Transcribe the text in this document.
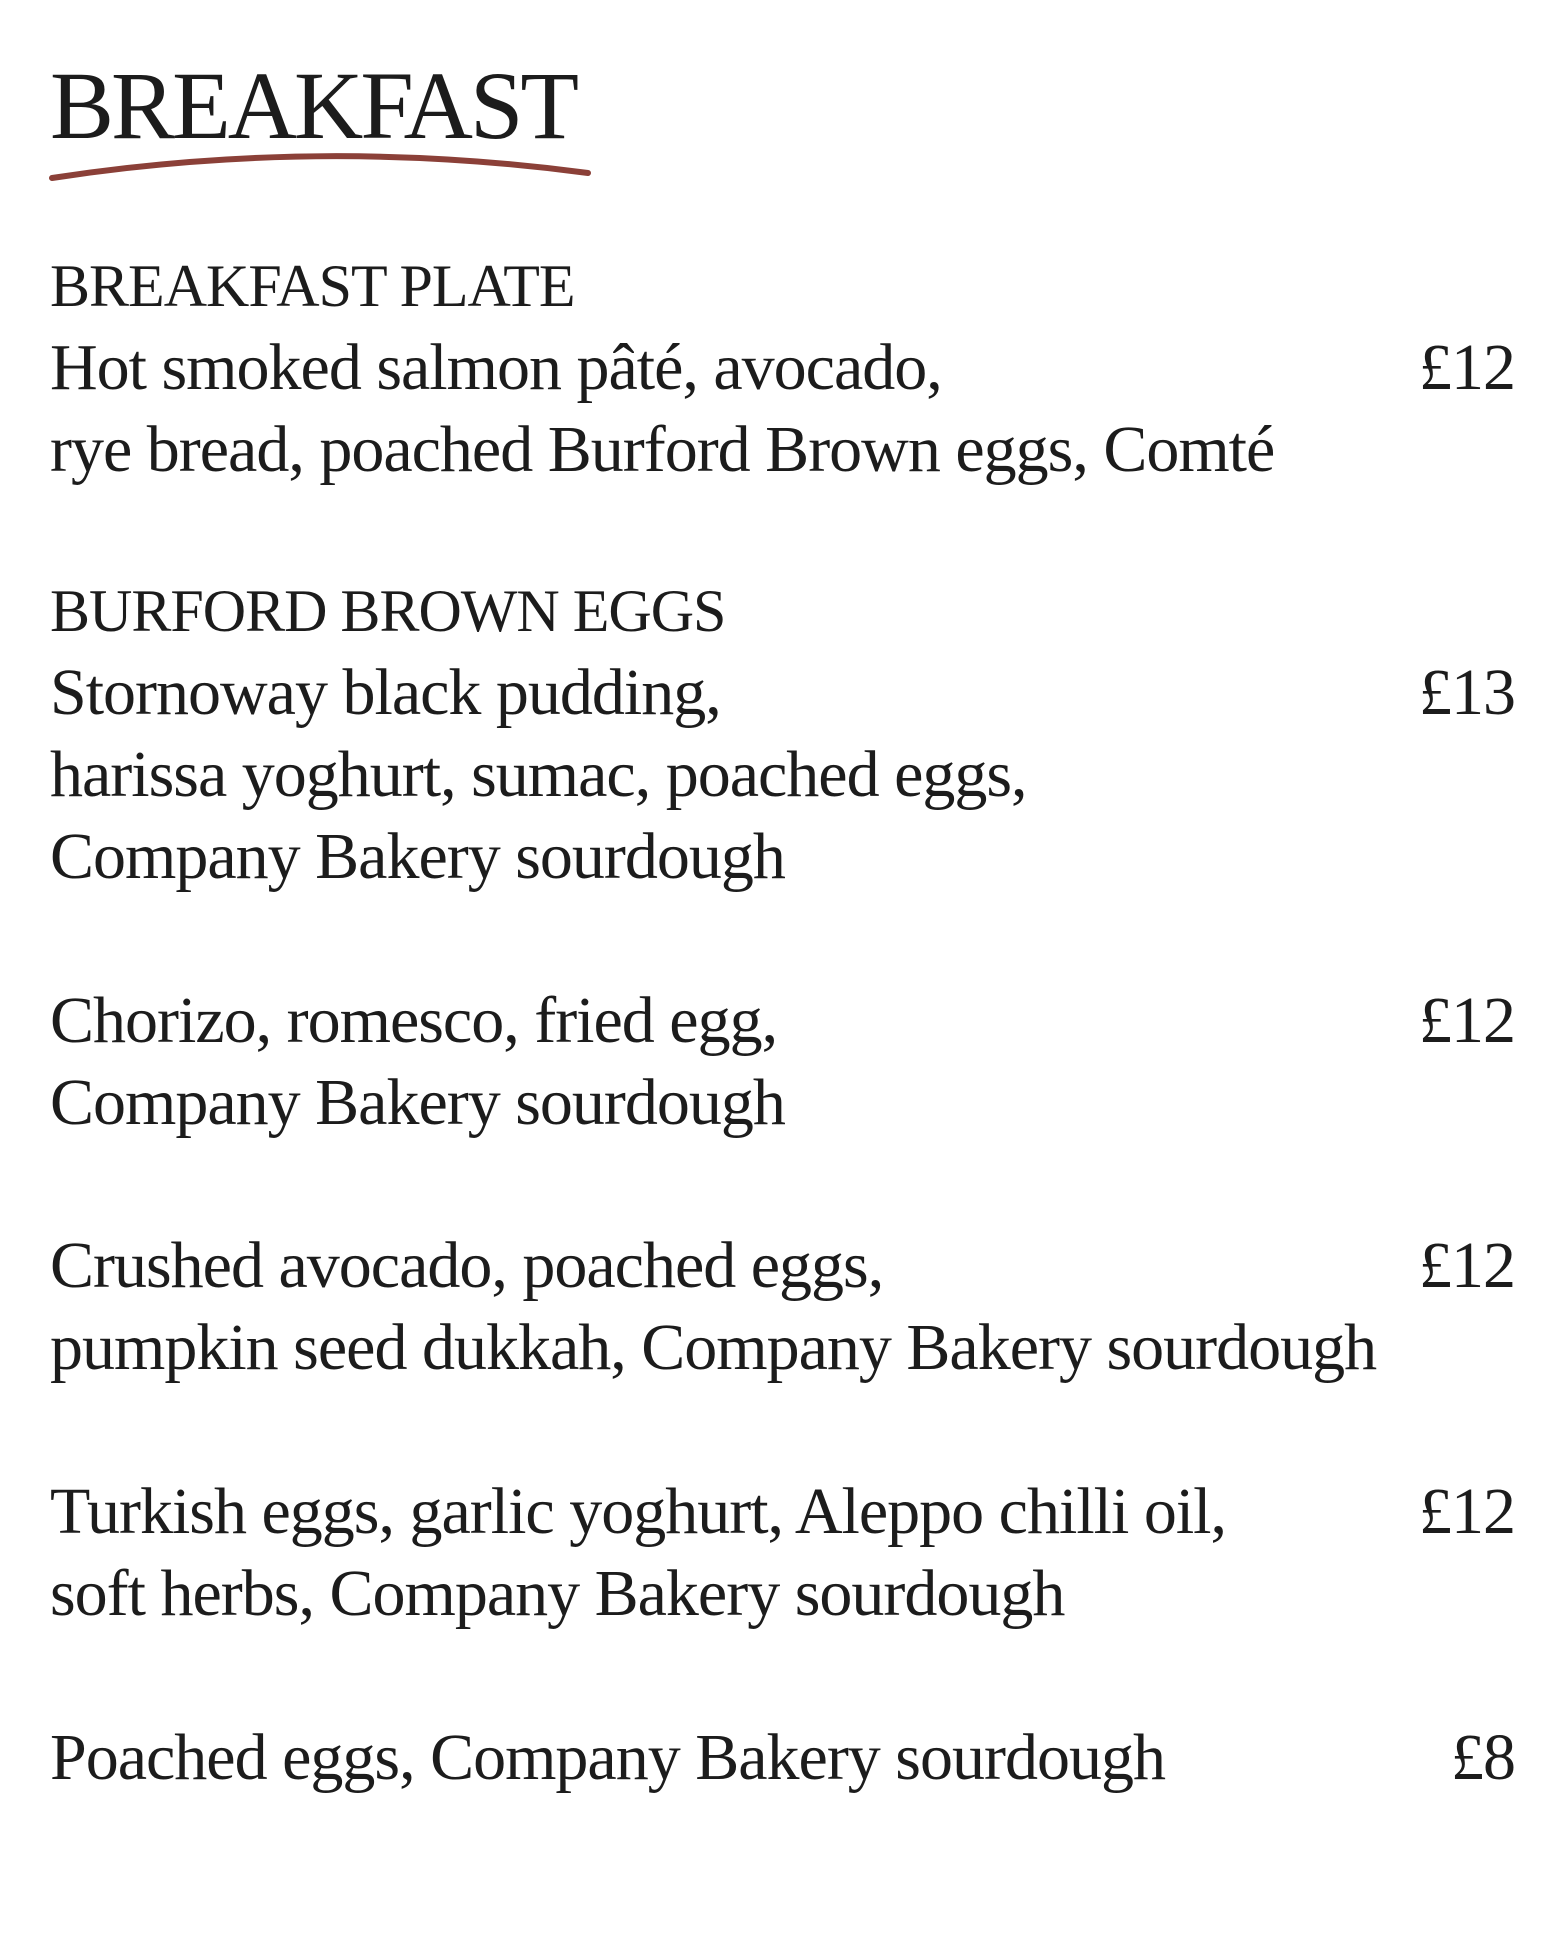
BREAKFAST
BREAKFAST PLATE
Hot smoked salmon pâté, avocado,
rye bread, poached Burford Brown eggs, Comté
£12
BURFORD BROWN EGGS
Stornoway black pudding,
harissa yoghurt, sumac, poached eggs,
Company Bakery sourdough
£13
Chorizo, romesco, fried egg,
Company Bakery sourdough
£12
Crushed avocado, poached eggs,
pumpkin seed dukkah, Company Bakery sourdough
£12
Turkish eggs, garlic yoghurt, Aleppo chilli oil,
soft herbs, Company Bakery sourdough
£12
Poached eggs, Company Bakery sourdough	£8
